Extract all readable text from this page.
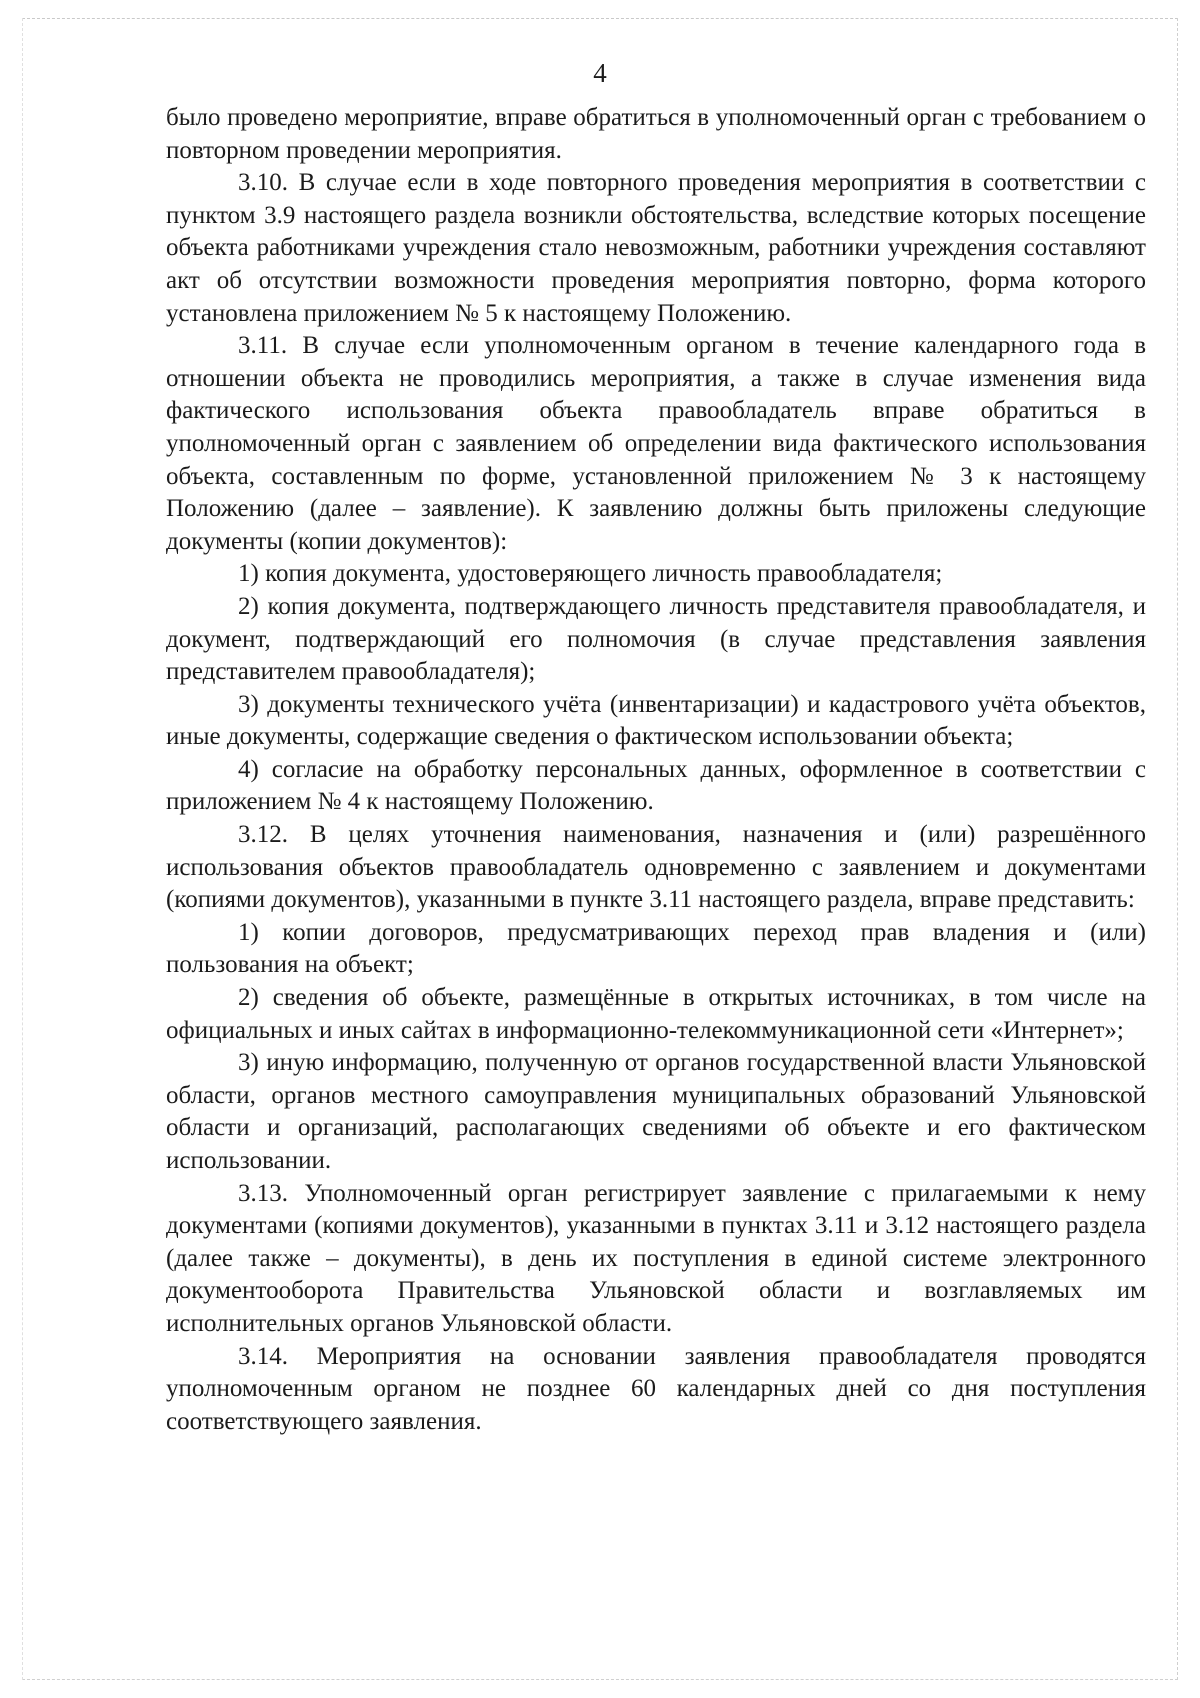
4

было проведено мероприятие, вправе обратиться в уполномоченный орган с требованием о повторном проведении мероприятия.

3.10. В случае если в ходе повторного проведения мероприятия в соответствии с пунктом 3.9 настоящего раздела возникли обстоятельства, вследствие которых посещение объекта работниками учреждения стало невозможным, работники учреждения составляют акт об отсутствии возможности проведения мероприятия повторно, форма которого установлена приложением № 5 к настоящему Положению.

3.11. В случае если уполномоченным органом в течение календарного года в отношении объекта не проводились мероприятия, а также в случае изменения вида фактического использования объекта правообладатель вправе обратиться в уполномоченный орган с заявлением об определении вида фактического использования объекта, составленным по форме, установленной приложением № 3 к настоящему Положению (далее – заявление). К заявлению должны быть приложены следующие документы (копии документов):

1) копия документа, удостоверяющего личность правообладателя;

2) копия документа, подтверждающего личность представителя правообладателя, и документ, подтверждающий его полномочия (в случае представления заявления представителем правообладателя);

3) документы технического учёта (инвентаризации) и кадастрового учёта объектов, иные документы, содержащие сведения о фактическом использовании объекта;

4) согласие на обработку персональных данных, оформленное в соответствии с приложением № 4 к настоящему Положению.

3.12. В целях уточнения наименования, назначения и (или) разрешённого использования объектов правообладатель одновременно с заявлением и документами (копиями документов), указанными в пункте 3.11 настоящего раздела, вправе представить:

1) копии договоров, предусматривающих переход прав владения и (или) пользования на объект;

2) сведения об объекте, размещённые в открытых источниках, в том числе на официальных и иных сайтах в информационно-телекоммуникационной сети «Интернет»;

3) иную информацию, полученную от органов государственной власти Ульяновской области, органов местного самоуправления муниципальных образований Ульяновской области и организаций, располагающих сведениями об объекте и его фактическом использовании.

3.13. Уполномоченный орган регистрирует заявление с прилагаемыми к нему документами (копиями документов), указанными в пунктах 3.11 и 3.12 настоящего раздела (далее также – документы), в день их поступления в единой системе электронного документооборота Правительства Ульяновской области и возглавляемых им исполнительных органов Ульяновской области.

3.14. Мероприятия на основании заявления правообладателя проводятся уполномоченным органом не позднее 60 календарных дней со дня поступления соответствующего заявления.
